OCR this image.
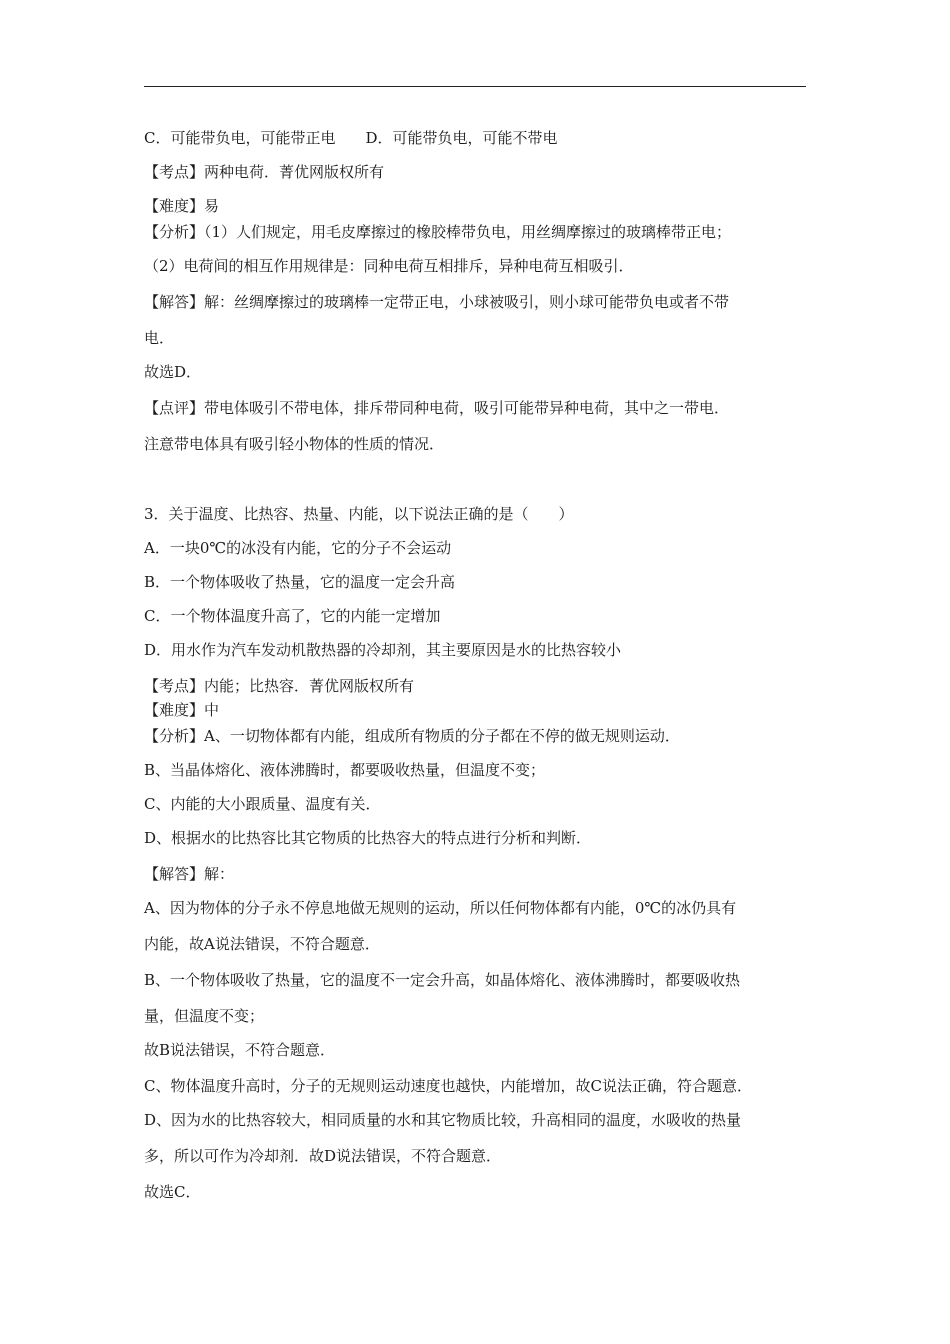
C．可能带负电，可能带正电　　D．可能带负电，可能不带电
【考点】两种电荷．菁优网版权所有
【难度】易
【分析】（1）人们规定，用毛皮摩擦过的橡胶棒带负电，用丝绸摩擦过的玻璃棒带正电；
（2）电荷间的相互作用规律是：同种电荷互相排斥，异种电荷互相吸引．
【解答】解：丝绸摩擦过的玻璃棒一定带正电，小球被吸引，则小球可能带负电或者不带
电．
故选D．
【点评】带电体吸引不带电体，排斥带同种电荷，吸引可能带异种电荷，其中之一带电．
注意带电体具有吸引轻小物体的性质的情况．
3．关于温度、比热容、热量、内能，以下说法正确的是（　　）
A．一块0℃的冰没有内能，它的分子不会运动
B．一个物体吸收了热量，它的温度一定会升高
C．一个物体温度升高了，它的内能一定增加
D．用水作为汽车发动机散热器的冷却剂，其主要原因是水的比热容较小
【考点】内能；比热容．菁优网版权所有
【难度】中
【分析】A、一切物体都有内能，组成所有物质的分子都在不停的做无规则运动．
B、当晶体熔化、液体沸腾时，都要吸收热量，但温度不变；
C、内能的大小跟质量、温度有关．
D、根据水的比热容比其它物质的比热容大的特点进行分析和判断．
【解答】解：
A、因为物体的分子永不停息地做无规则的运动，所以任何物体都有内能，0℃的冰仍具有
内能，故A说法错误，不符合题意．
B、一个物体吸收了热量，它的温度不一定会升高，如晶体熔化、液体沸腾时，都要吸收热
量，但温度不变；
故B说法错误，不符合题意．
C、物体温度升高时，分子的无规则运动速度也越快，内能增加，故C说法正确，符合题意．
D、因为水的比热容较大，相同质量的水和其它物质比较，升高相同的温度，水吸收的热量
多，所以可作为冷却剂．故D说法错误，不符合题意．
故选C．
